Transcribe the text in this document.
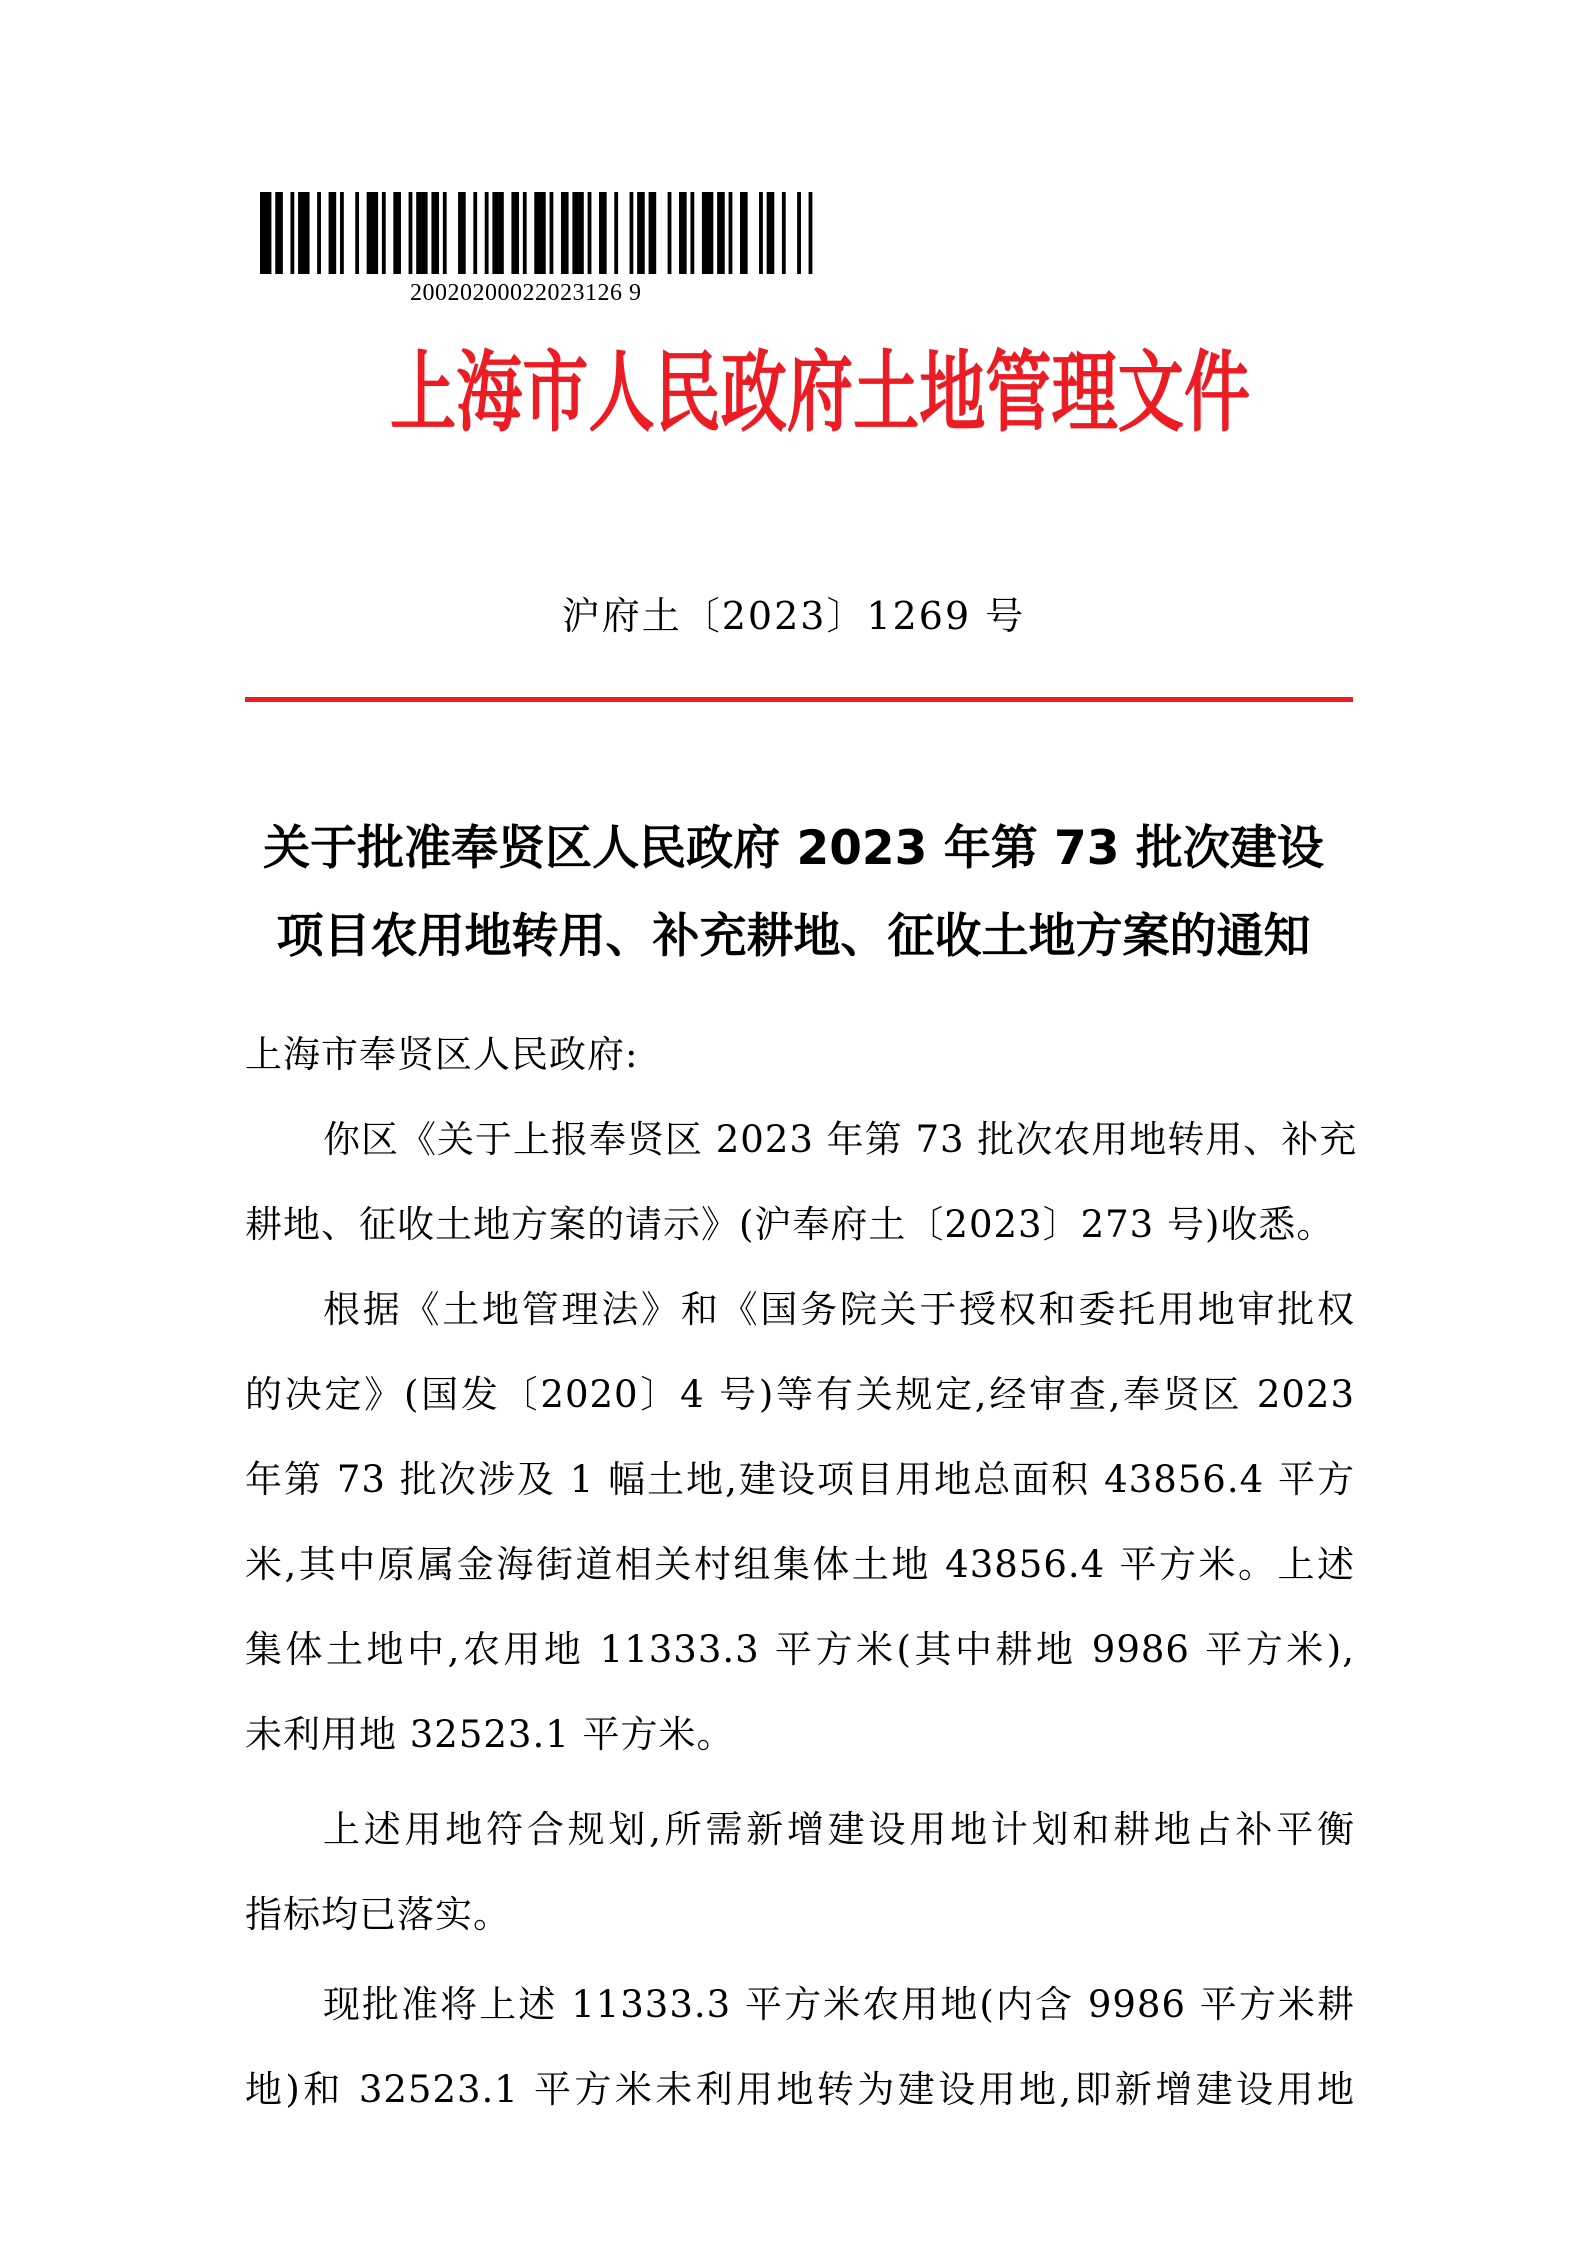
20020200022023126 9
上海市人民政府土地管理文件
沪府土〔2023〕1269 号
关于批准奉贤区人民政府 2023 年第 73 批次建设
项目农用地转用、补充耕地、征收土地方案的通知
上海市奉贤区人民政府:
你区《关于上报奉贤区 2023 年第 73 批次农用地转用、补充
耕地、征收土地方案的请示》(沪奉府土〔2023〕273 号)收悉。
根据《土地管理法》和《国务院关于授权和委托用地审批权
的决定》(国发〔2020〕4 号)等有关规定,经审查,奉贤区 2023
年第 73 批次涉及 1 幅土地,建设项目用地总面积 43856.4 平方
米,其中原属金海街道相关村组集体土地 43856.4 平方米。上述
集体土地中,农用地 11333.3 平方米(其中耕地 9986 平方米),
未利用地 32523.1 平方米。
上述用地符合规划,所需新增建设用地计划和耕地占补平衡
指标均已落实。
现批准将上述 11333.3 平方米农用地(内含 9986 平方米耕
地)和 32523.1 平方米未利用地转为建设用地,即新增建设用地
